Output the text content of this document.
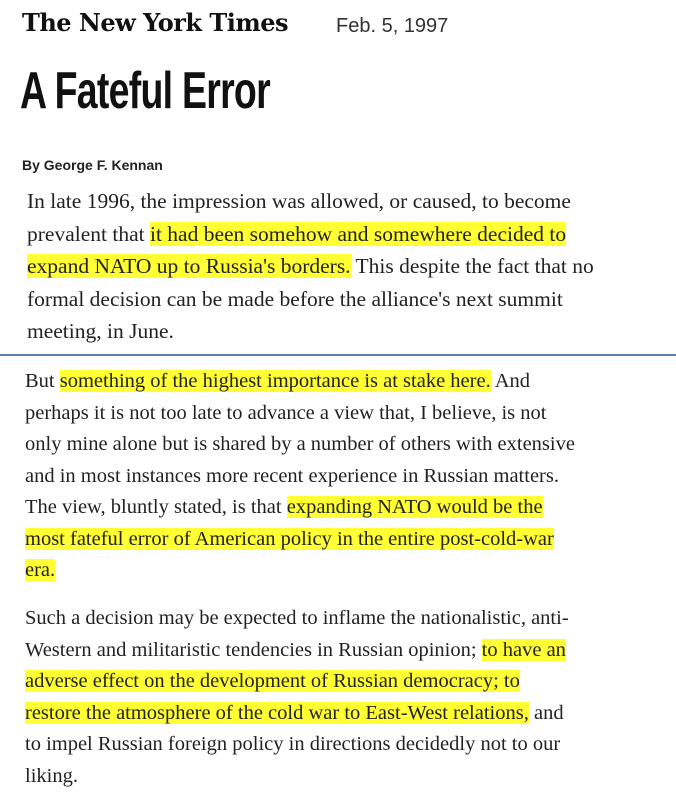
The New York Times Feb. 5, 1997
A Fateful Error
By George F. Kennan

In late 1996, the impression was allowed, or caused, to become
prevalent that it had been somehow and somewhere decided to
expand NATO up to Russia's borders. This despite the fact that no
formal decision can be made before the alliance's next summit
meeting, in June.

But something of the highest importance is at stake here. And
perhaps it is not too late to advance a view that, I believe, is not
only mine alone but is shared by a number of others with extensive
and in most instances more recent experience in Russian matters.
The view, bluntly stated, is that expanding NATO would be the
most fateful error of American policy in the entire post-cold-war
era.

Such a decision may be expected to inflame the nationalistic, anti-
Western and militaristic tendencies in Russian opinion; to have an
adverse effect on the development of Russian democracy; to
restore the atmosphere of the cold war to East-West relations, and
to impel Russian foreign policy in directions decidedly not to our
liking.
